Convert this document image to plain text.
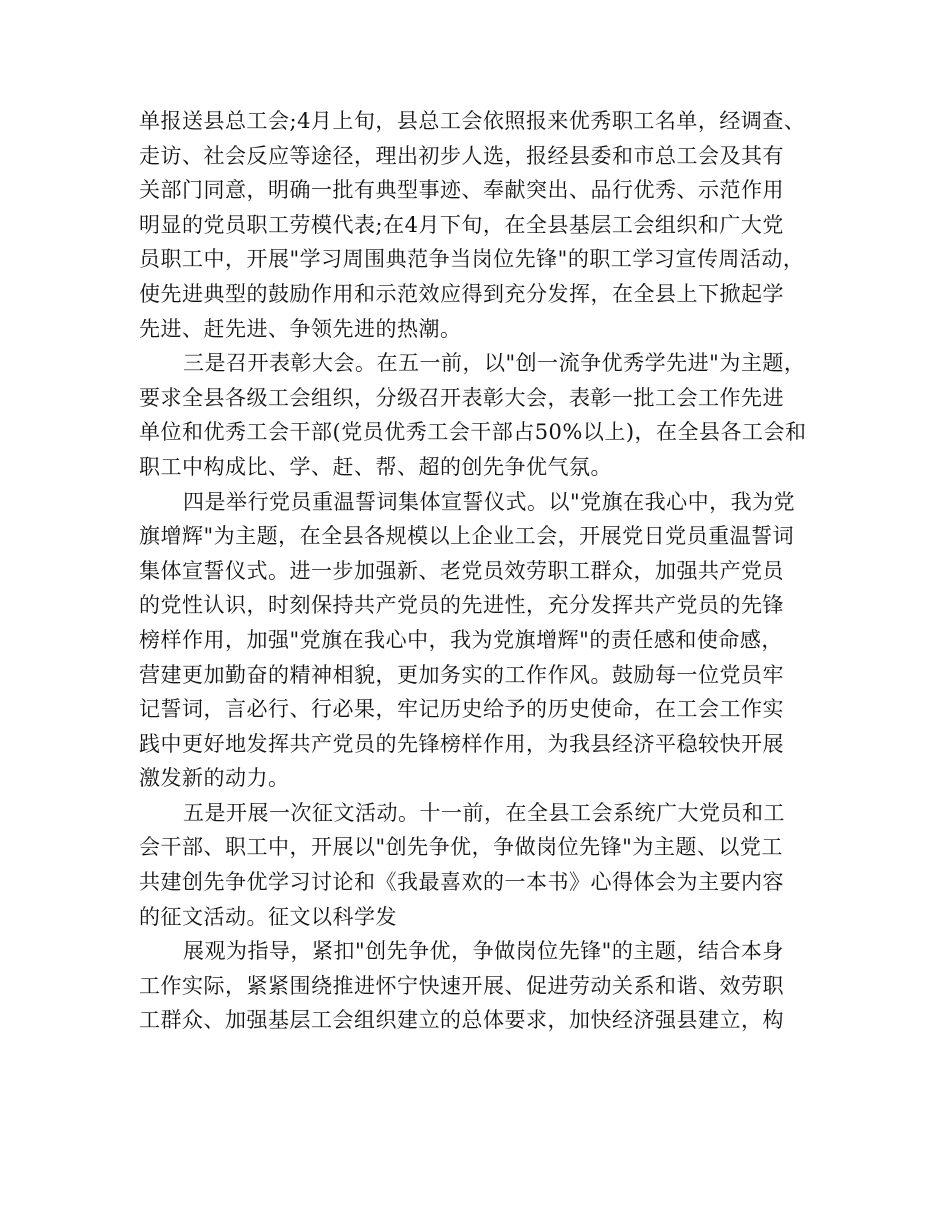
单报送县总工会;4月上旬，县总工会依照报来优秀职工名单，经调查、
走访、社会反应等途径，理出初步人选，报经县委和市总工会及其有
关部门同意，明确一批有典型事迹、奉献突出、品行优秀、示范作用
明显的党员职工劳模代表;在4月下旬，在全县基层工会组织和广大党
员职工中，开展"学习周围典范争当岗位先锋"的职工学习宣传周活动，
使先进典型的鼓励作用和示范效应得到充分发挥，在全县上下掀起学
先进、赶先进、争领先进的热潮。
三是召开表彰大会。在五一前，以"创一流争优秀学先进"为主题，
要求全县各级工会组织，分级召开表彰大会，表彰一批工会工作先进
单位和优秀工会干部(党员优秀工会干部占50%以上)，在全县各工会和
职工中构成比、学、赶、帮、超的创先争优气氛。
四是举行党员重温誓词集体宣誓仪式。以"党旗在我心中，我为党
旗增辉"为主题，在全县各规模以上企业工会，开展党日党员重温誓词
集体宣誓仪式。进一步加强新、老党员效劳职工群众，加强共产党员
的党性认识，时刻保持共产党员的先进性，充分发挥共产党员的先锋
榜样作用，加强"党旗在我心中，我为党旗增辉"的责任感和使命感，
营建更加勤奋的精神相貌，更加务实的工作作风。鼓励每一位党员牢
记誓词，言必行、行必果，牢记历史给予的历史使命，在工会工作实
践中更好地发挥共产党员的先锋榜样作用，为我县经济平稳较快开展
激发新的动力。
五是开展一次征文活动。十一前，在全县工会系统广大党员和工
会干部、职工中，开展以"创先争优，争做岗位先锋"为主题、以党工
共建创先争优学习讨论和《我最喜欢的一本书》心得体会为主要内容
的征文活动。征文以科学发
展观为指导，紧扣"创先争优，争做岗位先锋"的主题，结合本身
工作实际，紧紧围绕推进怀宁快速开展、促进劳动关系和谐、效劳职
工群众、加强基层工会组织建立的总体要求，加快经济强县建立，构
